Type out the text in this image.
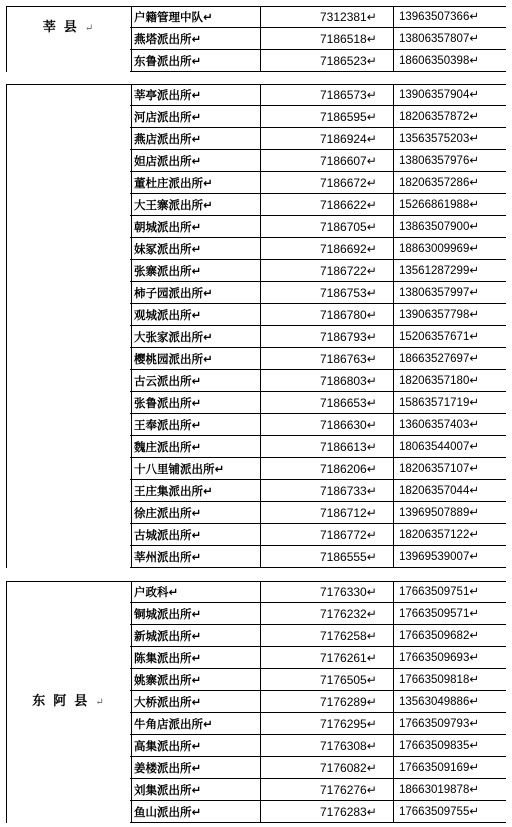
莘县↵
户籍管理中队↵	7312381↵	13963507366↵
燕塔派出所↵	7186518↵	13806357807↵
东鲁派出所↵	7186523↵	18606350398↵
莘亭派出所↵	7186573↵	13906357904↵
河店派出所↵	7186595↵	18206357872↵
燕店派出所↵	7186924↵	13563575203↵
妲店派出所↵	7186607↵	13806357976↵
董杜庄派出所↵	7186672↵	18206357286↵
大王寨派出所↵	7186622↵	15266861988↵
朝城派出所↵	7186705↵	13863507900↵
妹冢派出所↵	7186692↵	18863009969↵
张寨派出所↵	7186722↵	13561287299↵
柿子园派出所↵	7186753↵	13806357997↵
观城派出所↵	7186780↵	13906357798↵
大张家派出所↵	7186793↵	15206357671↵
樱桃园派出所↵	7186763↵	18663527697↵
古云派出所↵	7186803↵	18206357180↵
张鲁派出所↵	7186653↵	15863571719↵
王奉派出所↵	7186630↵	13606357403↵
魏庄派出所↵	7186613↵	18063544007↵
十八里铺派出所↵	7186206↵	18206357107↵
王庄集派出所↵	7186733↵	18206357044↵
徐庄派出所↵	7186712↵	13969507889↵
古城派出所↵	7186772↵	18206357122↵
莘州派出所↵	7186555↵	13969539007↵
东阿县↵
户政科↵	7176330↵	17663509751↵
铜城派出所↵	7176232↵	17663509571↵
新城派出所↵	7176258↵	17663509682↵
陈集派出所↵	7176261↵	17663509693↵
姚寨派出所↵	7176505↵	17663509818↵
大桥派出所↵	7176289↵	13563049886↵
牛角店派出所↵	7176295↵	17663509793↵
高集派出所↵	7176308↵	17663509835↵
姜楼派出所↵	7176082↵	17663509169↵
刘集派出所↵	7176276↵	18663019878↵
鱼山派出所↵	7176283↵	17663509755↵
